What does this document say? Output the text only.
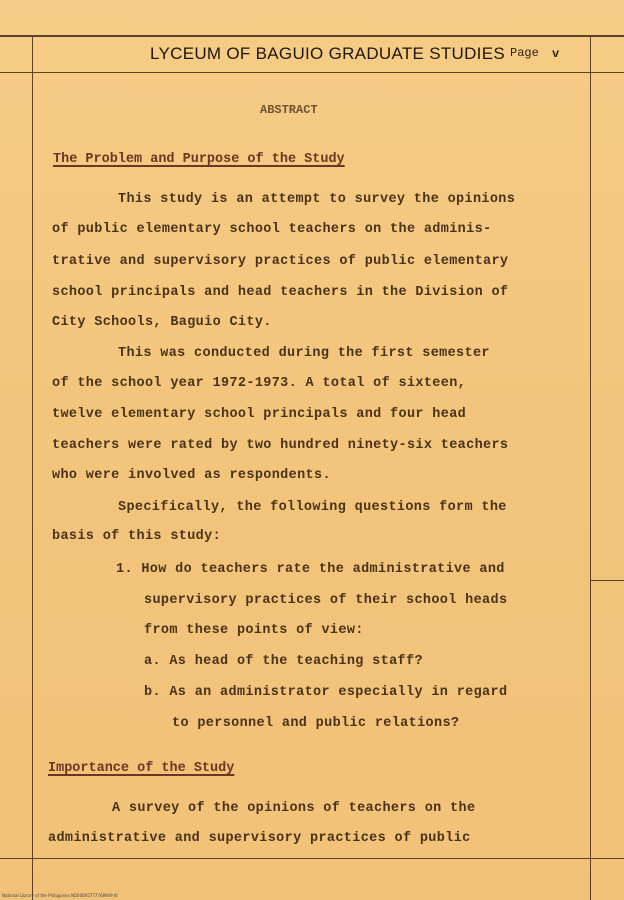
LYCEUM OF BAGUIO GRADUATE STUDIES Page v
ABSTRACT
The Problem and Purpose of the Study
This study is an attempt to survey the opinions
of public elementary school teachers on the adminis-
trative and supervisory practices of public elementary
school principals and head teachers in the Division of
City Schools, Baguio City.
This was conducted during the first semester
of the school year 1972-1973. A total of sixteen,
twelve elementary school principals and four head
teachers were rated by two hundred ninety-six teachers
who were involved as respondents.
Specifically, the following questions form the
basis of this study:
1. How do teachers rate the administrative and
supervisory practices of their school heads
from these points of view:
a. As head of the teaching staff?
b. As an administrator especially in regard
to personnel and public relations?
Importance of the Study
A survey of the opinions of teachers on the
administrative and supervisory practices of public
National Library of the Philippines ND00065777768909 III
